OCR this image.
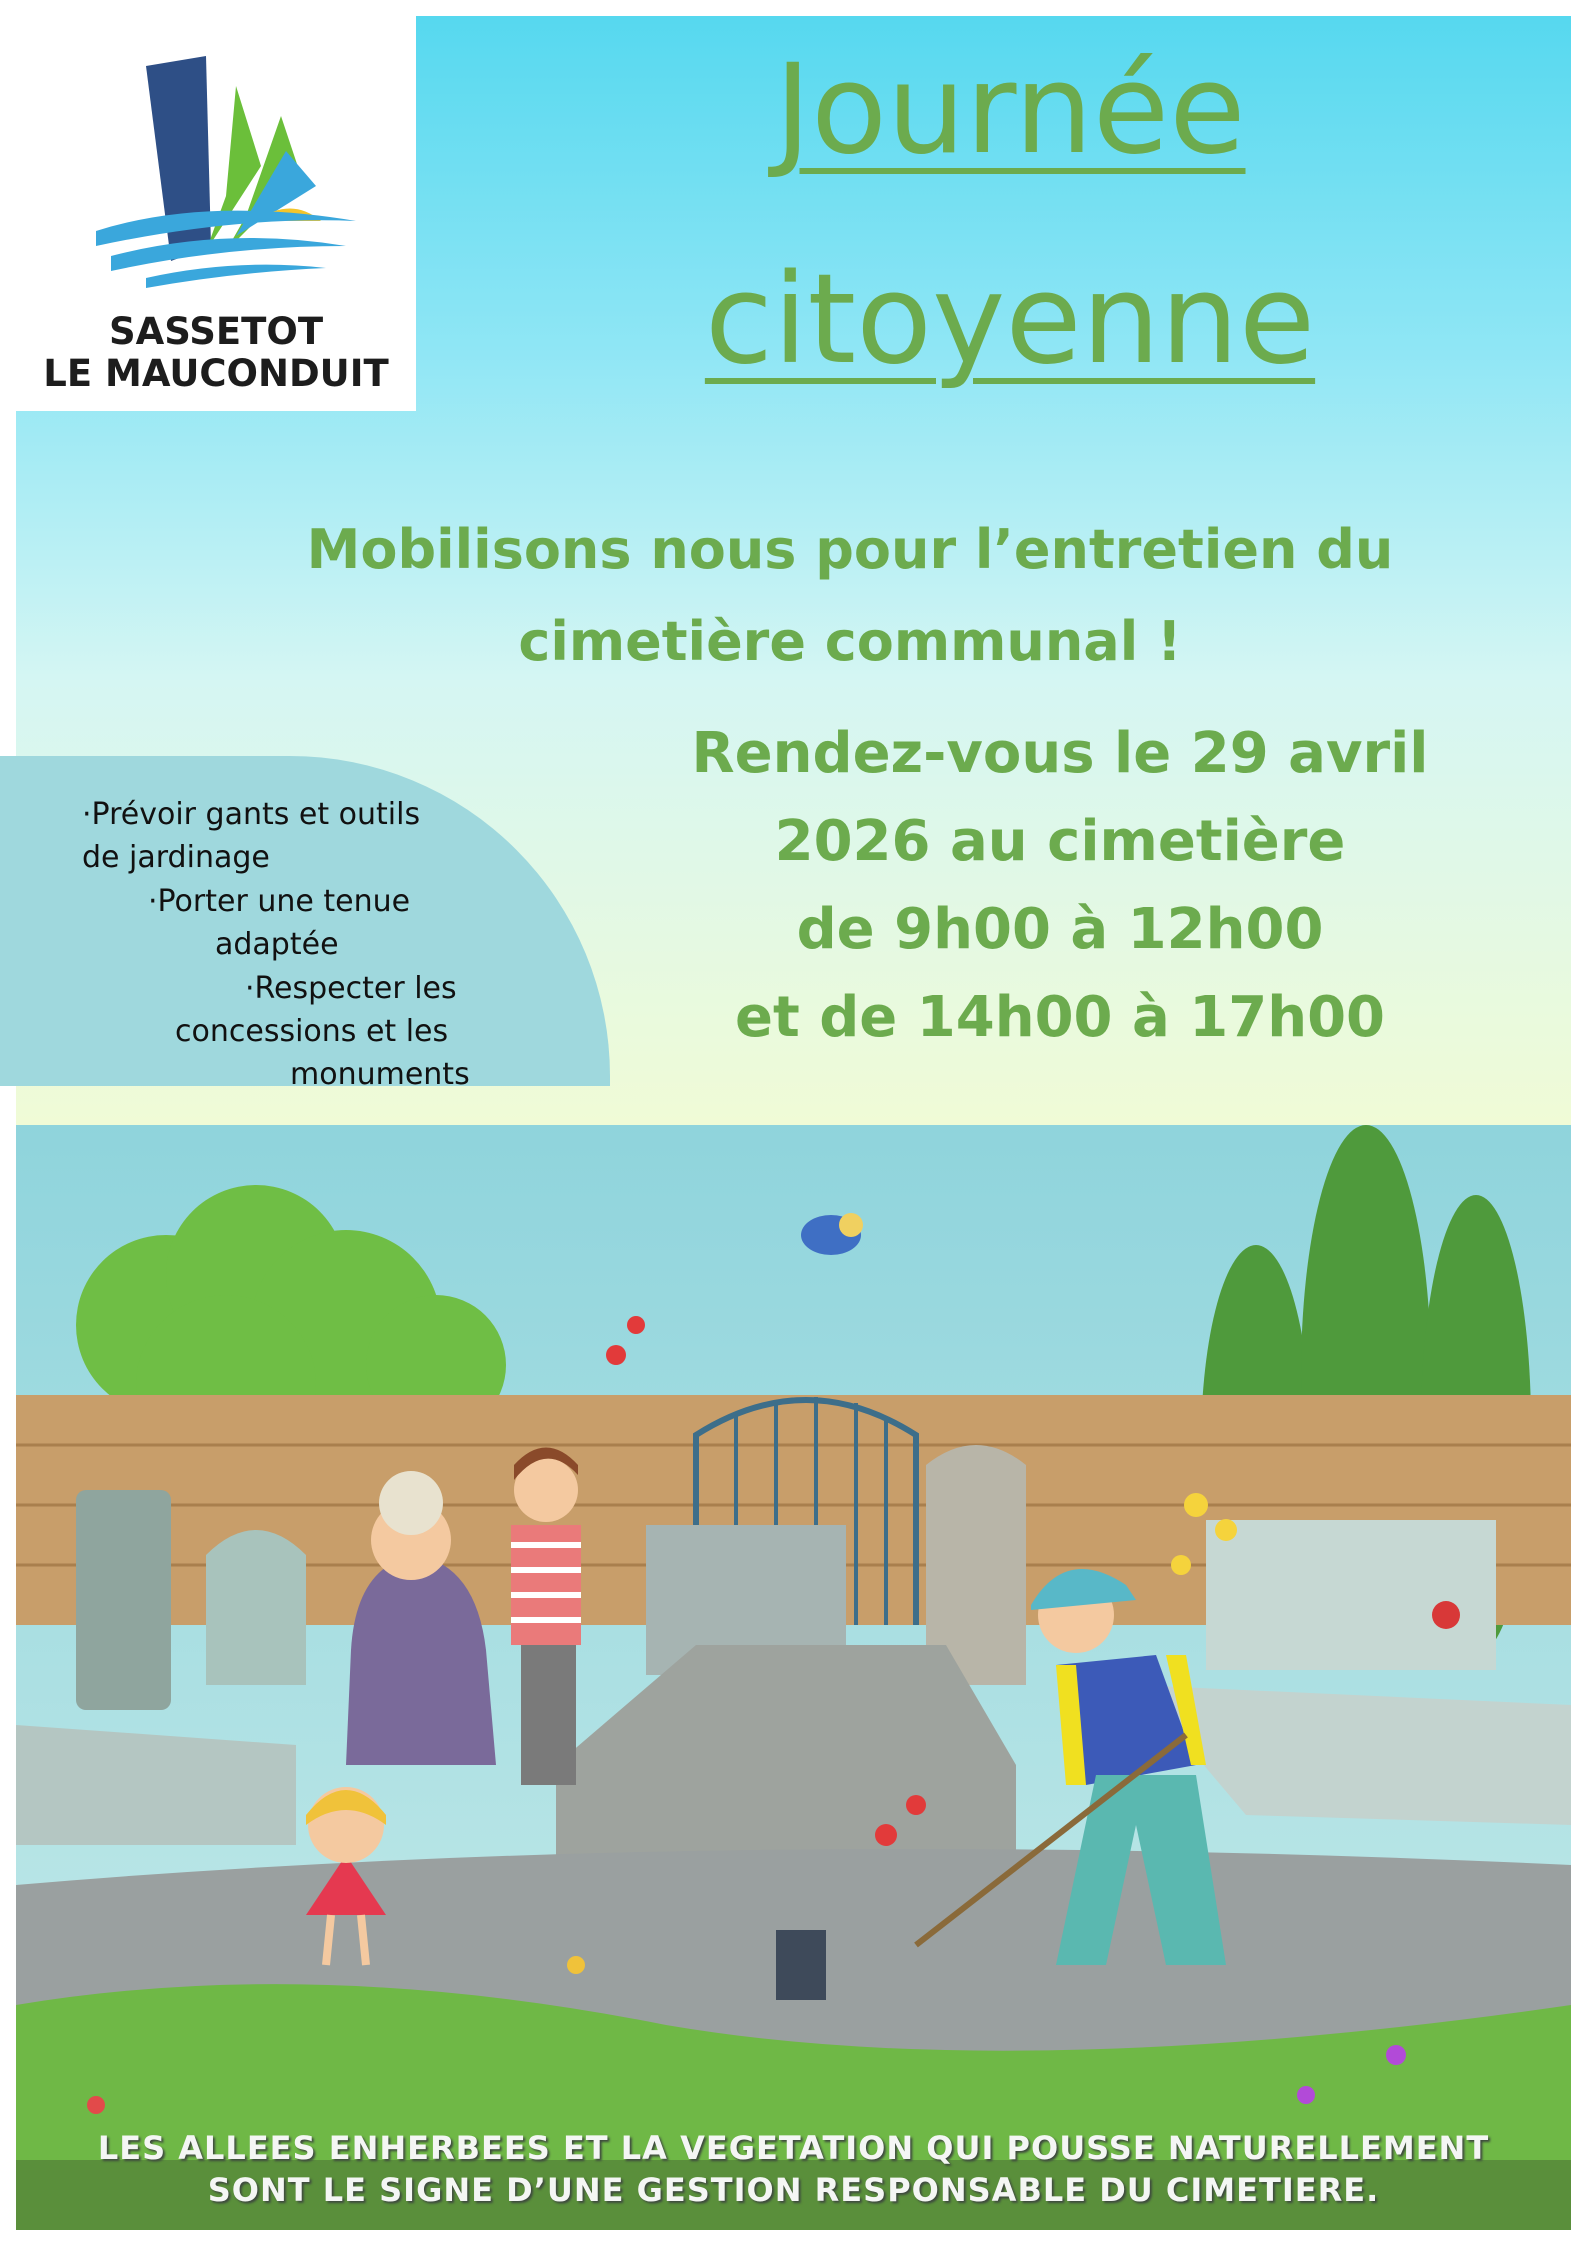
SASSETOT
LE MAUCONDUIT
Journée
citoyenne
Mobilisons nous pour l’entretien du
cimetière communal !
Rendez-vous le 29 avril
2026 au cimetière
de 9h00 à 12h00
et de 14h00 à 17h00
·Prévoir gants et outils
de jardinage
·Porter une tenue
adaptée
·Respecter les
concessions et les
monuments
LES ALLEES ENHERBEES ET LA VEGETATION QUI POUSSE NATURELLEMENT
SONT LE SIGNE D’UNE GESTION RESPONSABLE DU CIMETIERE.
